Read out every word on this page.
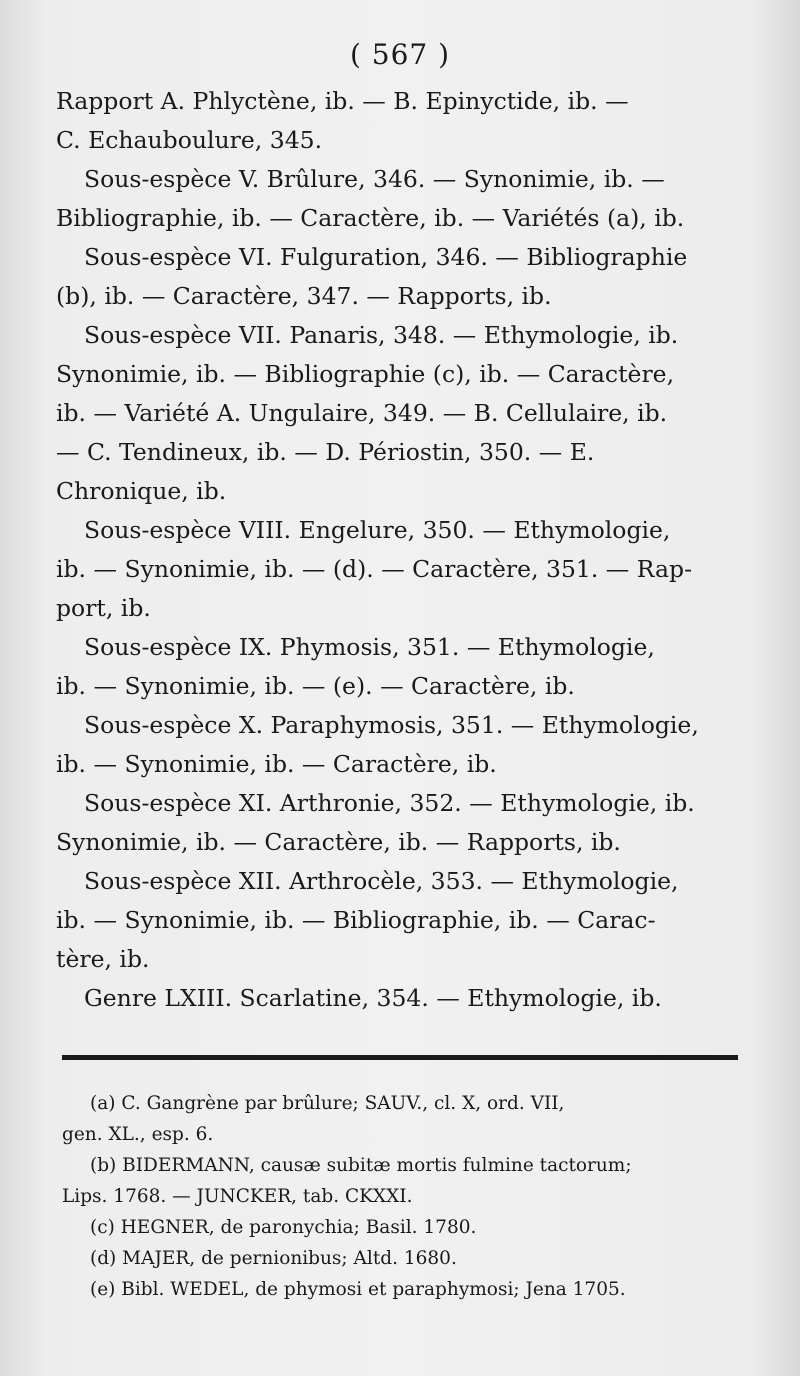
( 567 )
Rapport A. Phlyctène, ib. — B. Epinyctide, ib. —
C. Echauboulure, 345.
Sous-espèce V. Brûlure, 346. — Synonimie, ib. —
Bibliographie, ib. — Caractère, ib. — Variétés (a), ib.
Sous-espèce VI. Fulguration, 346. — Bibliographie
(b), ib. — Caractère, 347. — Rapports, ib.
Sous-espèce VII. Panaris, 348. — Ethymologie, ib.
Synonimie, ib. — Bibliographie (c), ib. — Caractère,
ib. — Variété A. Ungulaire, 349. — B. Cellulaire, ib.
— C. Tendineux, ib. — D. Périostin, 350. — E.
Chronique, ib.
Sous-espèce VIII. Engelure, 350. — Ethymologie,
ib. — Synonimie, ib. — (d). — Caractère, 351. — Rap-
port, ib.
Sous-espèce IX. Phymosis, 351. — Ethymologie,
ib. — Synonimie, ib. — (e). — Caractère, ib.
Sous-espèce X. Paraphymosis, 351. — Ethymologie,
ib. — Synonimie, ib. — Caractère, ib.
Sous-espèce XI. Arthronie, 352. — Ethymologie, ib.
Synonimie, ib. — Caractère, ib. — Rapports, ib.
Sous-espèce XII. Arthrocèle, 353. — Ethymologie,
ib. — Synonimie, ib. — Bibliographie, ib. — Carac-
tère, ib.
Genre LXIII. Scarlatine, 354. — Ethymologie, ib.
(a) C. Gangrène par brûlure; SAUV., cl. X, ord. VII,
gen. XL., esp. 6.
(b) BIDERMANN, causæ subitæ mortis fulmine tactorum;
Lips. 1768. — JUNCKER, tab. CKXXI.
(c) HEGNER, de paronychia; Basil. 1780.
(d) MAJER, de pernionibus; Altd. 1680.
(e) Bibl. WEDEL, de phymosi et paraphymosi; Jena 1705.
